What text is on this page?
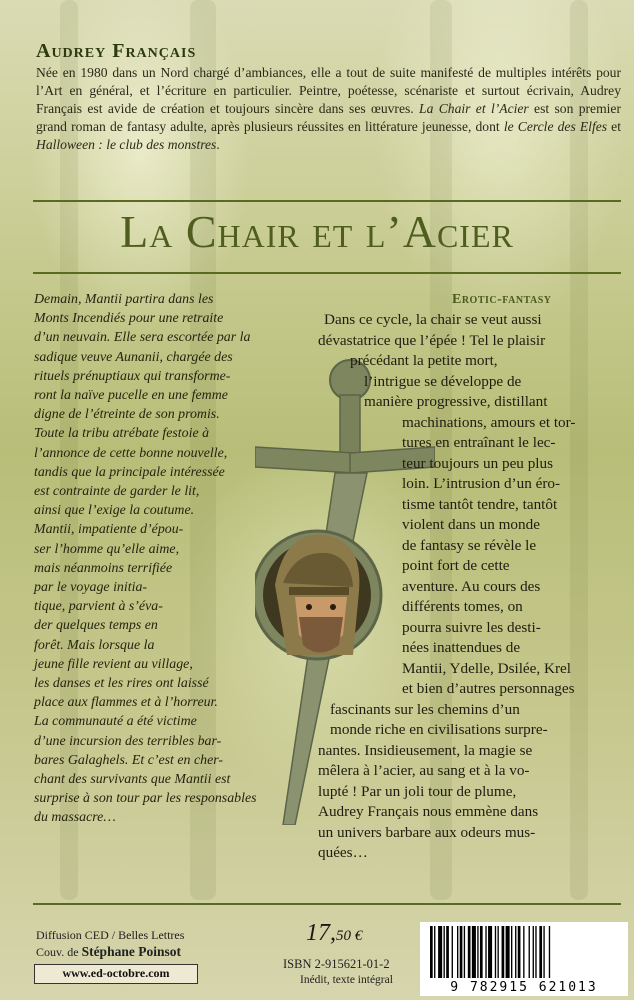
Audrey Français
Née en 1980 dans un Nord chargé d’ambiances, elle a tout de suite manifesté de multiples intérêts pour l’Art en général, et l’écriture en particulier. Peintre, poétesse, scénariste et surtout écrivain, Audrey Français est avide de création et toujours sincère dans ses œuvres. La Chair et l’Acier est son premier grand roman de fantasy adulte, après plusieurs réussites en littérature jeunesse, dont le Cercle des Elfes et Halloween : le club des monstres.
La Chair et l’Acier
Demain, Mantii partira dans les
Monts Incendiés pour une retraite
d’un neuvain. Elle sera escortée par la
sadique veuve Aunanii, chargée des
rituels prénuptiaux qui transforme-
ront la naïve pucelle en une femme
digne de l’étreinte de son promis.
Toute la tribu atrébate festoie à
l’annonce de cette bonne nouvelle,
tandis que la principale intéressée
est contrainte de garder le lit,
ainsi que l’exige la coutume.
Mantii, impatiente d’épou-
ser l’homme qu’elle aime,
mais néanmoins terrifiée
par le voyage initia-
tique, parvient à s’éva-
der quelques temps en
forêt. Mais lorsque la
jeune fille revient au village,
les danses et les rires ont laissé
place aux flammes et à l’horreur.
La communauté a été victime
d’une incursion des terribles bar-
bares Galaghels. Et c’est en cher-
chant des survivants que Mantii est
surprise à son tour par les responsables
du massacre…
Erotic-fantasy
Dans ce cycle, la chair se veut aussi
dévastatrice que l’épée ! Tel le plaisir
précédant la petite mort,
l’intrigue se développe de
manière progressive, distillant
machinations, amours et tor-
tures en entraînant le lec-
teur toujours un peu plus
loin. L’intrusion d’un éro-
tisme tantôt tendre, tantôt
violent dans un monde
de fantasy se révèle le
point fort de cette
aventure. Au cours des
différents tomes, on
pourra suivre les desti-
nées inattendues de
Mantii, Ydelle, Dsilée, Krel
et bien d’autres personnages
fascinants sur les chemins d’un
monde riche en civilisations surpre-
nantes. Insidieusement, la magie se
mêlera à l’acier, au sang et à la vo-
lupté ! Par un joli tour de plume,
Audrey Français nous emmène dans
un univers barbare aux odeurs mus-
quées…
Diffusion CED / Belles Lettres
Couv. de Stéphane Poinsot
www.ed-octobre.com
17,50 €
ISBN 2-915621-01-2
Inédit, texte intégral	9 782915 621013
